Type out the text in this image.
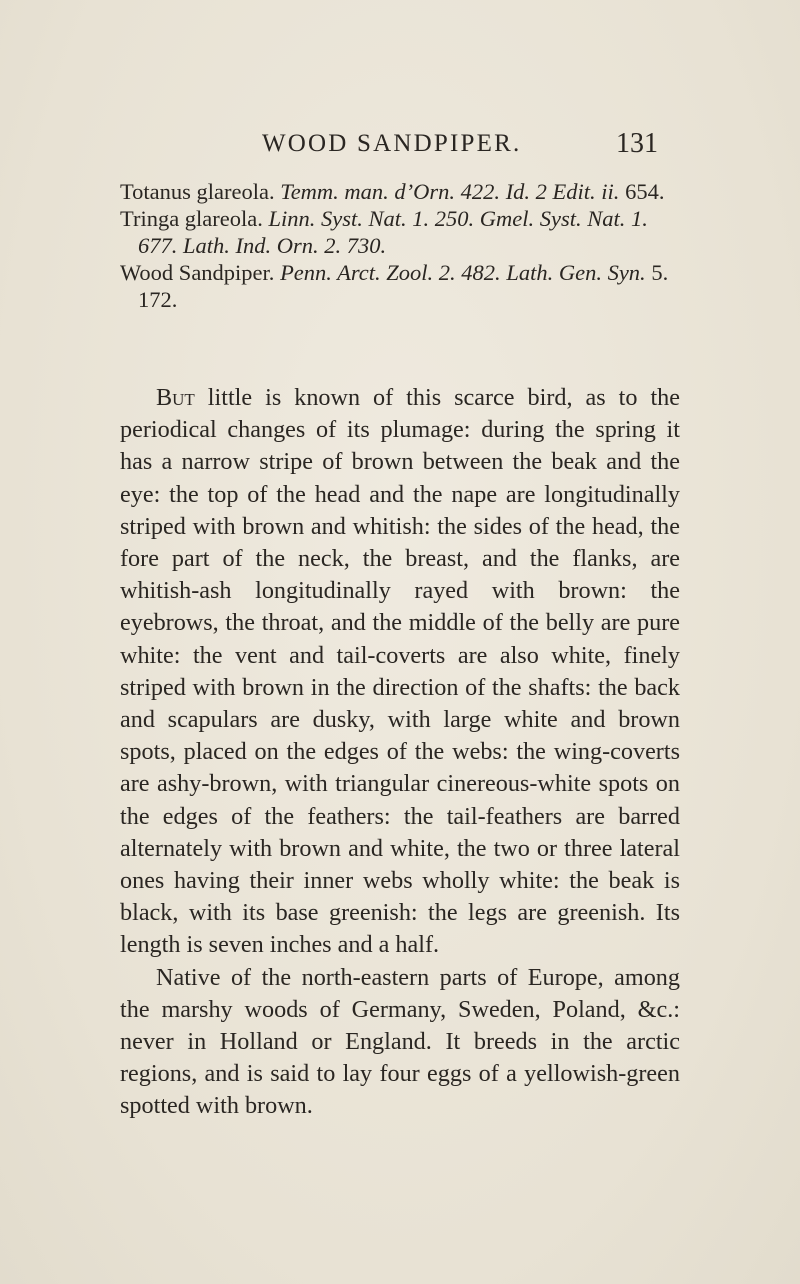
WOOD SANDPIPER.	131

Totanus glareola. Temm. man. d’Orn. 422. Id. 2 Edit. ii. 654.

Tringa glareola. Linn. Syst. Nat. 1. 250. Gmel. Syst. Nat. 1. 677. Lath. Ind. Orn. 2. 730.

Wood Sandpiper. Penn. Arct. Zool. 2. 482. Lath. Gen. Syn. 5. 172.

But little is known of this scarce bird, as to the periodical changes of its plumage: during the spring it has a narrow stripe of brown between the beak and the eye: the top of the head and the nape are longitudinally striped with brown and whitish: the sides of the head, the fore part of the neck, the breast, and the flanks, are whitish-ash longitudinally rayed with brown: the eyebrows, the throat, and the middle of the belly are pure white: the vent and tail-coverts are also white, finely striped with brown in the direction of the shafts: the back and scapulars are dusky, with large white and brown spots, placed on the edges of the webs: the wing-coverts are ashy-brown, with triangular cinereous-white spots on the edges of the feathers: the tail-feathers are barred alternately with brown and white, the two or three lateral ones having their inner webs wholly white: the beak is black, with its base greenish: the legs are greenish. Its length is seven inches and a half.

Native of the north-eastern parts of Europe, among the marshy woods of Germany, Sweden, Poland, &c.: never in Holland or England. It breeds in the arctic regions, and is said to lay four eggs of a yellowish-green spotted with brown.
